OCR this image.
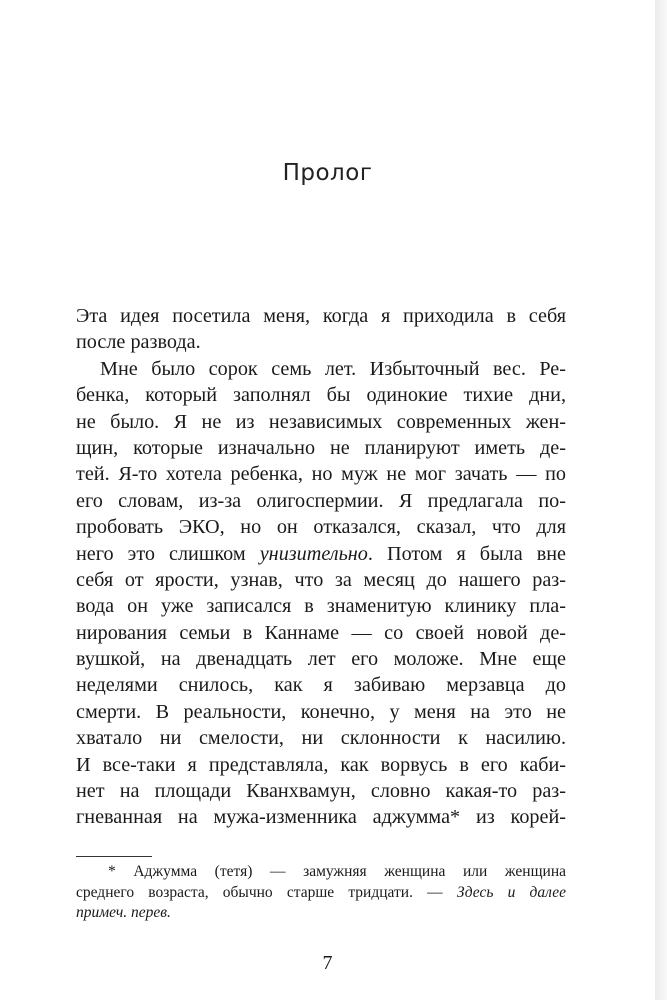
Пролог
Эта идея посетила меня, когда я приходила в себя
после развода.
Мне было сорок семь лет. Избыточный вес. Ре-
бенка, который заполнял бы одинокие тихие дни,
не было. Я не из независимых современных жен-
щин, которые изначально не планируют иметь де-
тей. Я-то хотела ребенка, но муж не мог зачать — по
его словам, из-за олигоспермии. Я предлагала по-
пробовать ЭКО, но он отказался, сказал, что для
него это слишком унизительно. Потом я была вне
себя от ярости, узнав, что за месяц до нашего раз-
вода он уже записался в знаменитую клинику пла-
нирования семьи в Каннаме — со своей новой де-
вушкой, на двенадцать лет его моложе. Мне еще
неделями снилось, как я забиваю мерзавца до
смерти. В реальности, конечно, у меня на это не
хватало ни смелости, ни склонности к насилию.
И все-таки я представляла, как ворвусь в его каби-
нет на площади Кванхвамун, словно какая-то раз-
гневанная на мужа-изменника аджумма* из корей-
* Аджумма (тетя) — замужняя женщина или женщина
среднего возраста, обычно старше тридцати. — Здесь и далее
примеч. перев.
7
